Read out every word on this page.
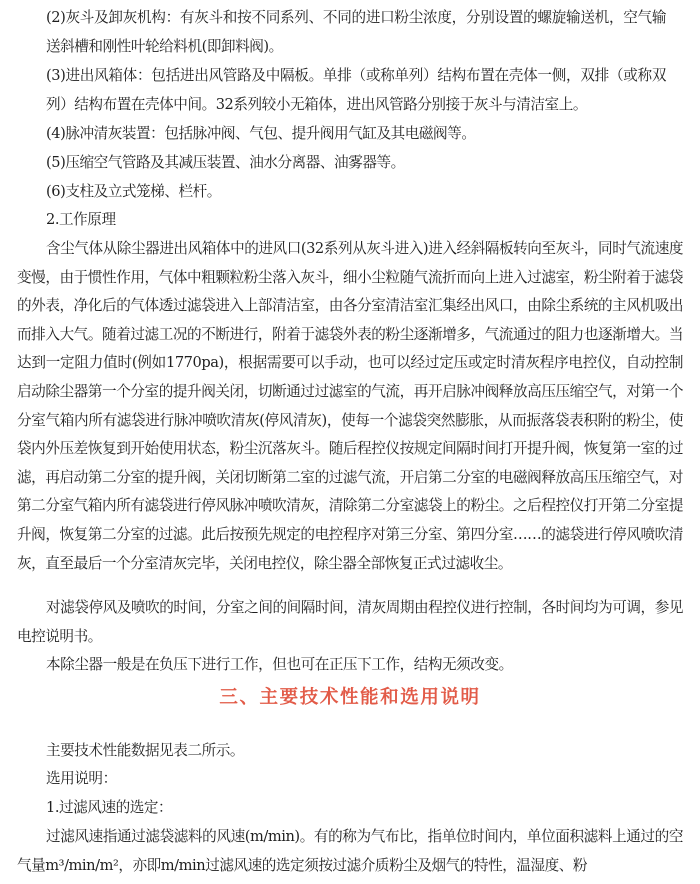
(2)灰斗及卸灰机构：有灰斗和按不同系列、不同的进口粉尘浓度，分别设置的螺旋输送机，空气输送斜槽和刚性叶轮给料机(即卸料阀)。

(3)进出风箱体：包括进出风管路及中隔板。单排（或称单列）结构布置在壳体一侧，双排（或称双列）结构布置在壳体中间。32系列较小无箱体，进出风管路分别接于灰斗与清洁室上。

(4)脉冲清灰装置：包括脉冲阀、气包、提升阀用气缸及其电磁阀等。

(5)压缩空气管路及其减压装置、油水分离器、油雾器等。

(6)支柱及立式笼梯、栏杆。

2.工作原理

含尘气体从除尘器进出风箱体中的进风口(32系列从灰斗进入)进入经斜隔板转向至灰斗，同时气流速度变慢，由于惯性作用，气体中粗颗粒粉尘落入灰斗，细小尘粒随气流折而向上进入过滤室，粉尘附着于滤袋的外表，净化后的气体透过滤袋进入上部清洁室，由各分室清洁室汇集经出风口，由除尘系统的主风机吸出而排入大气。随着过滤工况的不断进行，附着于滤袋外表的粉尘逐渐增多，气流通过的阻力也逐渐增大。当达到一定阻力值时(例如1770pa)，根据需要可以手动，也可以经过定压或定时清灰程序电控仪，自动控制启动除尘器第一个分室的提升阀关闭，切断通过过滤室的气流，再开启脉冲阀释放高压压缩空气，对第一个分室气箱内所有滤袋进行脉冲喷吹清灰(停风清灰)，使每一个滤袋突然膨胀，从而振落袋表积附的粉尘，使袋内外压差恢复到开始使用状态，粉尘沉落灰斗。随后程控仪按规定间隔时间打开提升阀，恢复第一室的过滤，再启动第二分室的提升阀，关闭切断第二室的过滤气流，开启第二分室的电磁阀释放高压压缩空气，对第二分室气箱内所有滤袋进行停风脉冲喷吹清灰，清除第二分室滤袋上的粉尘。之后程控仪打开第二分室提升阀，恢复第二分室的过滤。此后按预先规定的电控程序对第三分室、第四分室……的滤袋进行停风喷吹清灰，直至最后一个分室清灰完毕，关闭电控仪，除尘器全部恢复正式过滤收尘。

对滤袋停风及喷吹的时间，分室之间的间隔时间，清灰周期由程控仪进行控制，各时间均为可调，参见电控说明书。

本除尘器一般是在负压下进行工作，但也可在正压下工作，结构无须改变。

三、主要技术性能和选用说明

主要技术性能数据见表二所示。

选用说明：

1.过滤风速的选定：

过滤风速指通过滤袋滤料的风速(m/min)。有的称为气布比，指单位时间内，单位面积滤料上通过的空气量m³/min/m²，亦即m/min过滤风速的选定须按过滤介质粉尘及烟气的特性，温湿度、粉
